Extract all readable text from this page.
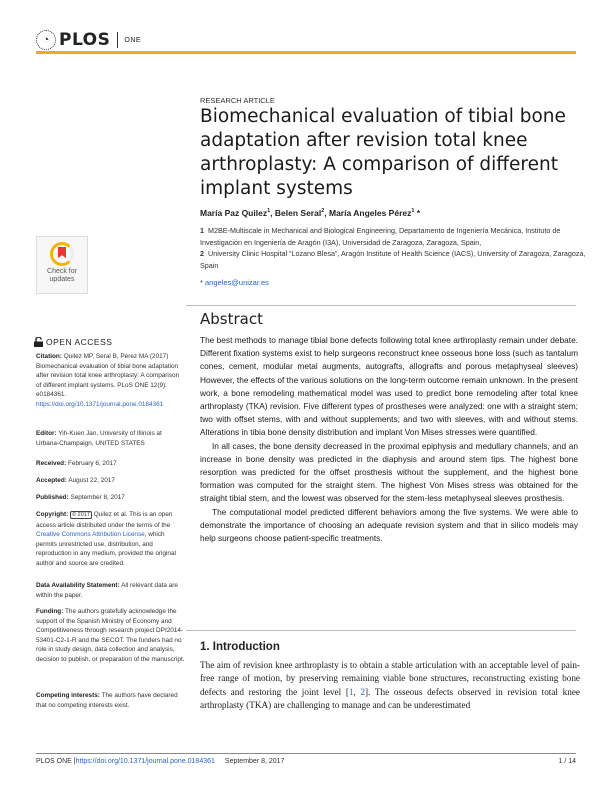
◔ PLOS ONE
RESEARCH ARTICLE
Biomechanical evaluation of tibial bone adaptation after revision total knee arthroplasty: A comparison of different implant systems
María Paz Quilez$^1$, Belen Seral$^2$, María Angeles Pérez$^1$ *
1 M2BE-Multiscale in Mechanical and Biological Engineering, Departamento de Ingeniería Mecánica, Instituto de Investigación en Ingeniería de Aragón (I3A), Universidad de Zaragoza, Zaragoza, Spain,
2 University Clinic Hospital “Lozano Blesa”, Aragón Institute of Health Science (IACS), University of Zaragoza, Zaragoza, Spain
* angeles@unizar.es
Check for
updates
OPEN ACCESS
Citation: Quilez MP, Seral B, Pérez MA (2017) Biomechanical evaluation of tibial bone adaptation after revision total knee arthroplasty: A comparison of different implant systems. PLoS ONE 12(9): e0184361. https://doi.org/10.1371/journal.pone.0184361
Editor: Yih-Kuen Jan, University of Illinois at Urbana-Champaign, UNITED STATES
Received: February 6, 2017
Accepted: August 22, 2017
Published: September 8, 2017
Copyright: © 2017 Quilez et al. This is an open access article distributed under the terms of the Creative Commons Attribution License, which permits unrestricted use, distribution, and reproduction in any medium, provided the original author and source are credited.
Data Availability Statement: All relevant data are within the paper.
Funding: The authors gratefully acknowledge the support of the Spanish Ministry of Economy and Competitiveness through research project DPI2014-53401-C2-1-R and the SECOT. The funders had no role in study design, data collection and analysis, decision to publish, or preparation of the manuscript.
Competing interests: The authors have declared that no competing interests exist.
Abstract

The best methods to manage tibial bone defects following total knee arthroplasty remain under debate. Different fixation systems exist to help surgeons reconstruct knee osseous bone loss (such as tantalum cones, cement, modular metal augments, autografts, allografts and porous metaphyseal sleeves) However, the effects of the various solutions on the long-term outcome remain unknown. In the present work, a bone remodeling mathematical model was used to predict bone remodeling after total knee arthroplasty (TKA) revision. Five different types of prostheses were analyzed: one with a straight stem; two with offset stems, with and without supplements; and two with sleeves, with and without stems. Alterations in tibia bone density distribution and implant Von Mises stresses were quantified.

In all cases, the bone density decreased in the proximal epiphysis and medullary channels, and an increase in bone density was predicted in the diaphysis and around stem tips. The highest bone resorption was predicted for the offset prosthesis without the supplement, and the highest bone formation was computed for the straight stem. The highest Von Mises stress was obtained for the straight tibial stem, and the lowest was observed for the stem-less metaphyseal sleeves prosthesis.

The computational model predicted different behaviors among the five systems. We were able to demonstrate the importance of choosing an adequate revision system and that in silico models may help surgeons choose patient-specific treatments.

1. Introduction
The aim of revision knee arthroplasty is to obtain a stable articulation with an acceptable level of pain-free range of motion, by preserving remaining viable bone structures, reconstructing existing bone defects and restoring the joint level [1, 2]. The osseous defects observed in revision total knee arthroplasty (TKA) are challenging to manage and can be underestimated
PLOS ONE | https://doi.org/10.1371/journal.pone.0184361 September 8, 2017	1 / 14
